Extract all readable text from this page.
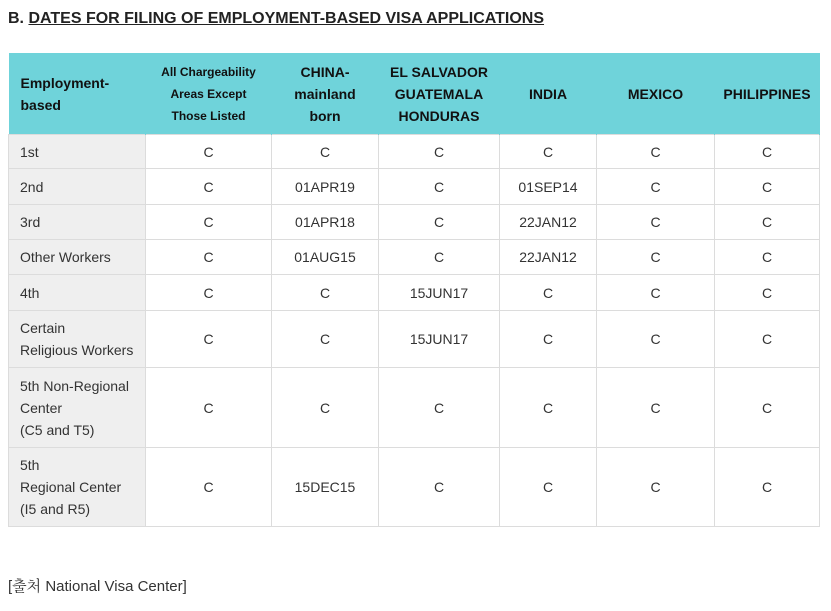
B. DATES FOR FILING OF EMPLOYMENT-BASED VISA APPLICATIONS
Employment-
based	All Chargeability
Areas Except
Those Listed	CHINA-
mainland
born	EL SALVADOR
GUATEMALA
HONDURAS	INDIA	MEXICO	PHILIPPINES
1st	C	C	C	C	C	C
2nd	C	01APR19	C	01SEP14	C	C
3rd	C	01APR18	C	22JAN12	C	C
Other Workers	C	01AUG15	C	22JAN12	C	C
4th	C	C	15JUN17	C	C	C
Certain
Religious Workers	C	C	15JUN17	C	C	C
5th Non-Regional
Center
(C5 and T5)	C	C	C	C	C	C
5th
Regional Center
(I5 and R5)	C	15DEC15	C	C	C	C
[출처 National Visa Center]
